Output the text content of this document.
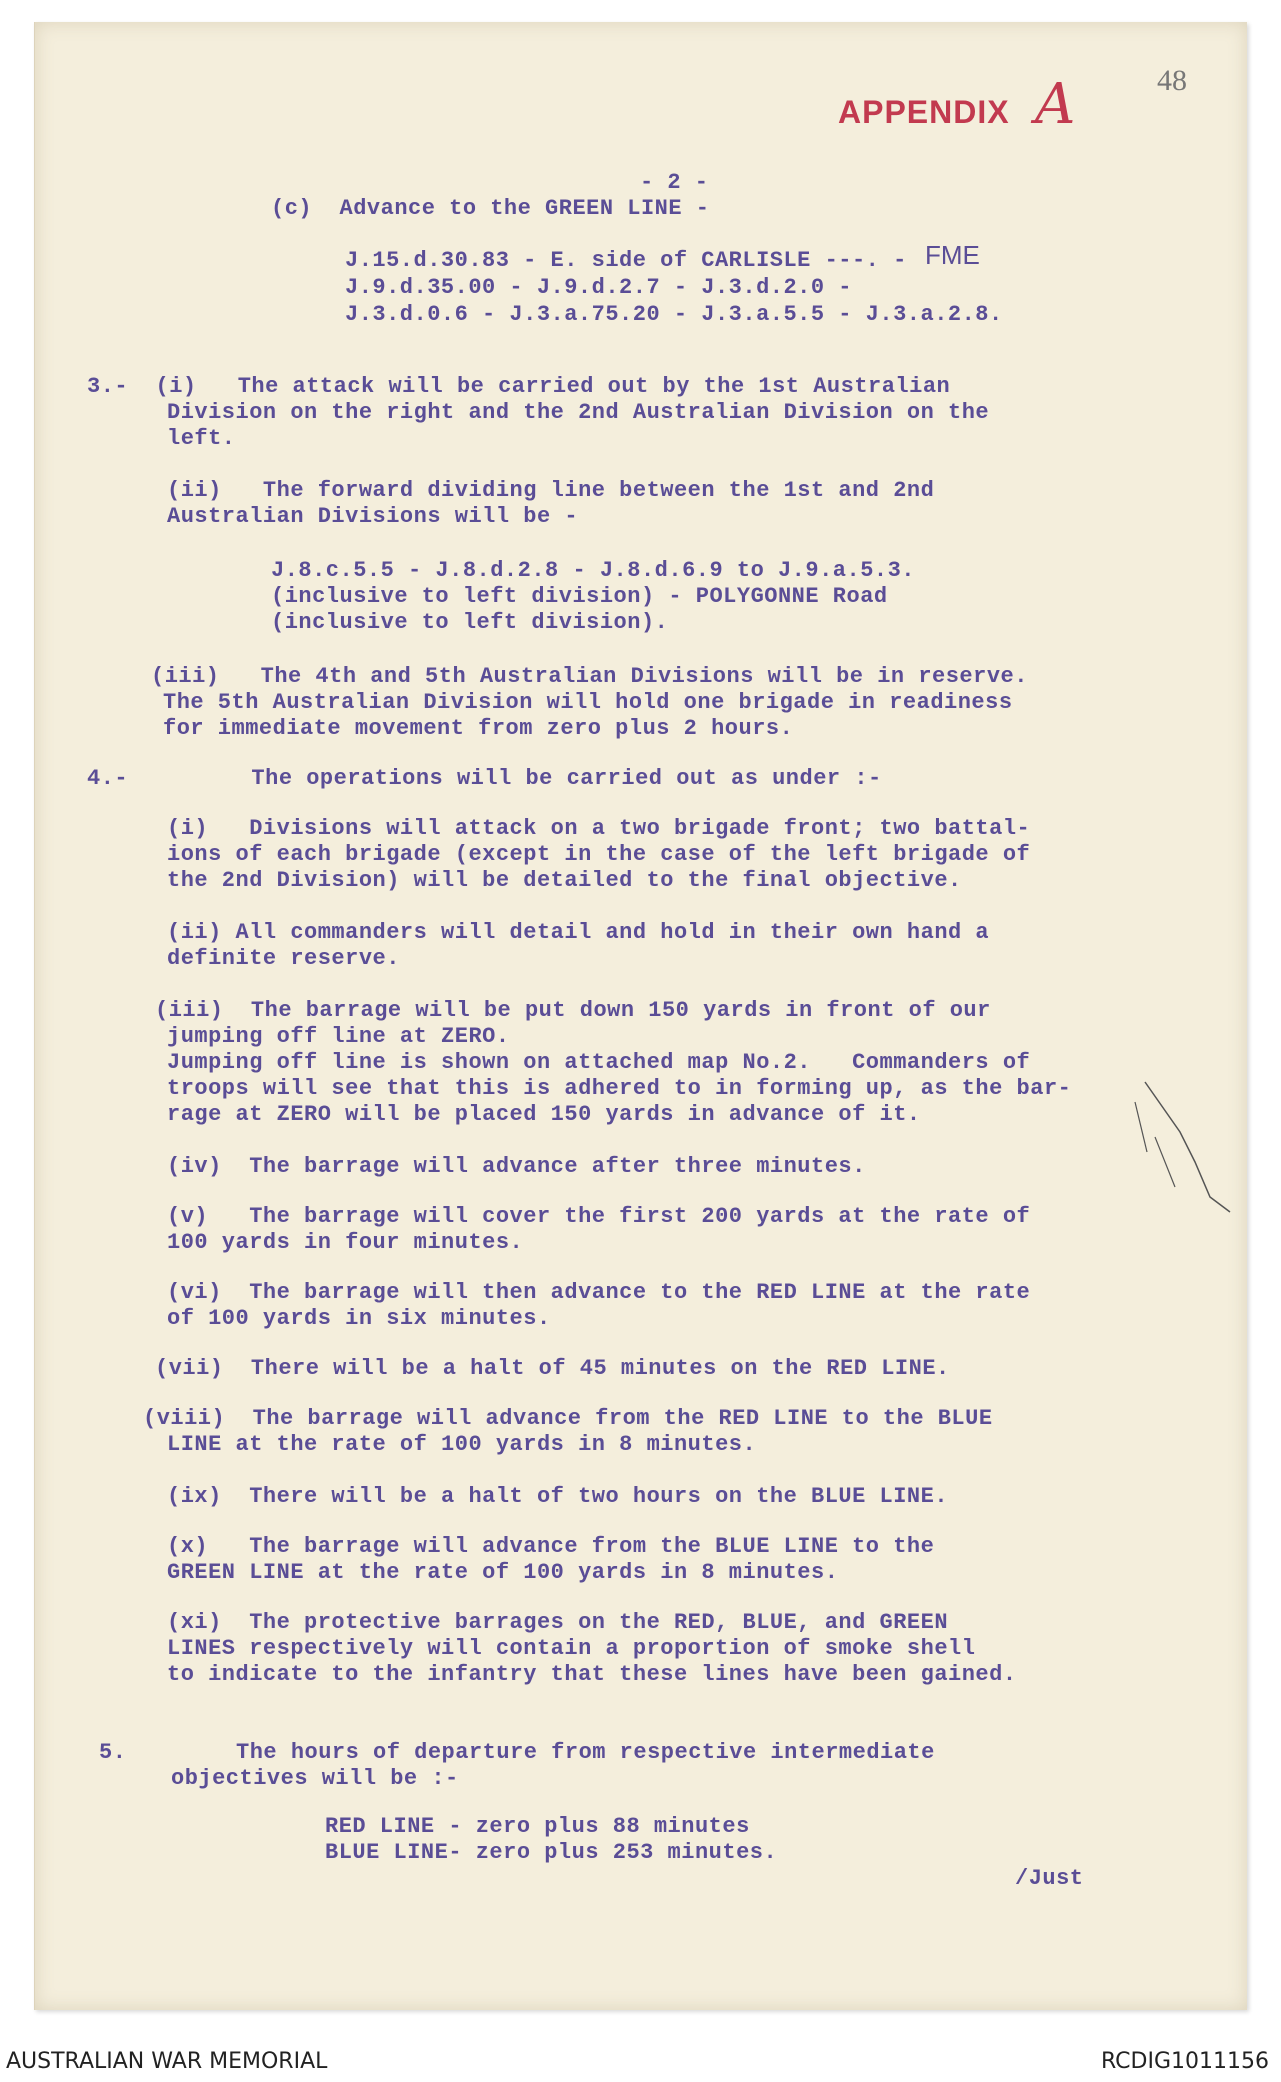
48
APPENDIX A
FME
- 2 -
(c)  Advance to the GREEN LINE -
J.15.d.30.83 - E. side of CARLISLE ---. -
J.9.d.35.00 - J.9.d.2.7 - J.3.d.2.0 -
J.3.d.0.6 - J.3.a.75.20 - J.3.a.5.5 - J.3.a.2.8.
3.-  (i)   The attack will be carried out by the 1st Australian
Division on the right and the 2nd Australian Division on the
left.
(ii)   The forward dividing line between the 1st and 2nd
Australian Divisions will be -
J.8.c.5.5 - J.8.d.2.8 - J.8.d.6.9 to J.9.a.5.3.
(inclusive to left division) - POLYGONNE Road
(inclusive to left division).
(iii)   The 4th and 5th Australian Divisions will be in reserve.
The 5th Australian Division will hold one brigade in readiness
for immediate movement from zero plus 2 hours.
4.-         The operations will be carried out as under :-
(i)   Divisions will attack on a two brigade front; two battal-
ions of each brigade (except in the case of the left brigade of
the 2nd Division) will be detailed to the final objective.
(ii) All commanders will detail and hold in their own hand a
definite reserve.
(iii)  The barrage will be put down 150 yards in front of our
jumping off line at ZERO.
Jumping off line is shown on attached map No.2.   Commanders of
troops will see that this is adhered to in forming up, as the bar-
rage at ZERO will be placed 150 yards in advance of it.
(iv)  The barrage will advance after three minutes.
(v)   The barrage will cover the first 200 yards at the rate of
100 yards in four minutes.
(vi)  The barrage will then advance to the RED LINE at the rate
of 100 yards in six minutes.
(vii)  There will be a halt of 45 minutes on the RED LINE.
(viii)  The barrage will advance from the RED LINE to the BLUE
LINE at the rate of 100 yards in 8 minutes.
(ix)  There will be a halt of two hours on the BLUE LINE.
(x)   The barrage will advance from the BLUE LINE to the
GREEN LINE at the rate of 100 yards in 8 minutes.
(xi)  The protective barrages on the RED, BLUE, and GREEN
LINES respectively will contain a proportion of smoke shell
to indicate to the infantry that these lines have been gained.
5.        The hours of departure from respective intermediate
objectives will be :-
RED LINE - zero plus 88 minutes
BLUE LINE- zero plus 253 minutes.
/Just
AUSTRALIAN WAR MEMORIAL	RCDIG1011156
